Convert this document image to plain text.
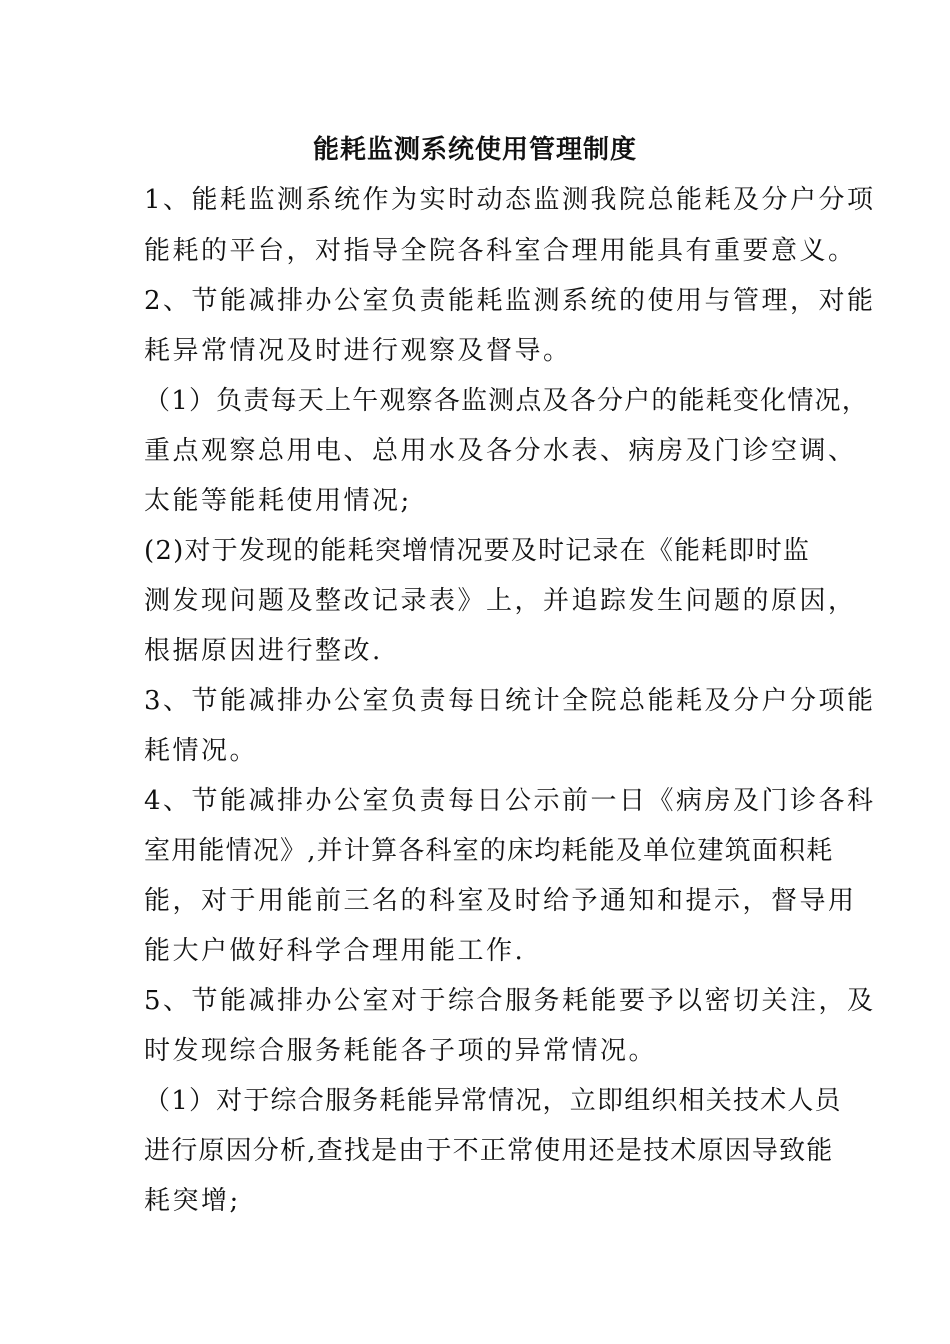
能耗监测系统使用管理制度
1、能耗监测系统作为实时动态监测我院总能耗及分户分项
能耗的平台，对指导全院各科室合理用能具有重要意义。
2、节能减排办公室负责能耗监测系统的使用与管理，对能
耗异常情况及时进行观察及督导。
（1）负责每天上午观察各监测点及各分户的能耗变化情况，
重点观察总用电、总用水及各分水表、病房及门诊空调、
太能等能耗使用情况;
(2)对于发现的能耗突增情况要及时记录在《能耗即时监
测发现问题及整改记录表》上，并追踪发生问题的原因，
根据原因进行整改.
3、节能减排办公室负责每日统计全院总能耗及分户分项能
耗情况。
4、节能减排办公室负责每日公示前一日《病房及门诊各科
室用能情况》,并计算各科室的床均耗能及单位建筑面积耗
能，对于用能前三名的科室及时给予通知和提示，督导用
能大户做好科学合理用能工作.
5、节能减排办公室对于综合服务耗能要予以密切关注，及
时发现综合服务耗能各子项的异常情况。
（1）对于综合服务耗能异常情况，立即组织相关技术人员
进行原因分析,查找是由于不正常使用还是技术原因导致能
耗突增;
